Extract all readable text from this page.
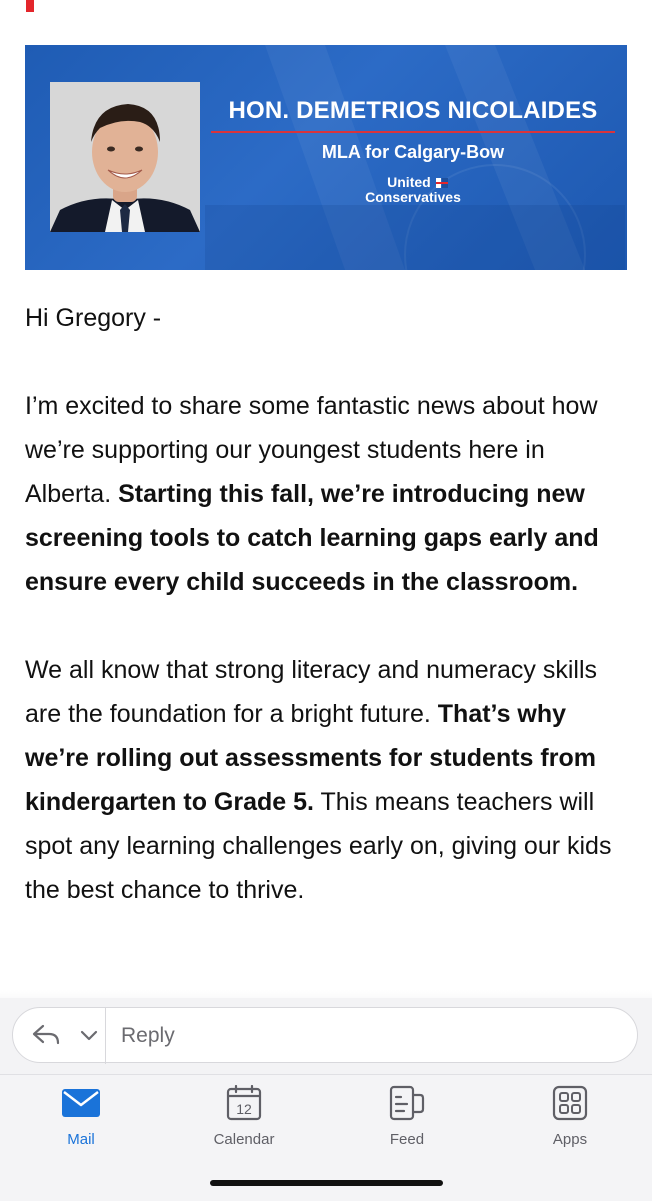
HON. DEMETRIOS NICOLAIDES
MLA for Calgary-Bow
United
Conservatives

Hi Gregory -

I’m excited to share some fantastic news about how we’re supporting our youngest students here in Alberta. Starting this fall, we’re introducing new screening tools to catch learning gaps early and ensure every child succeeds in the classroom.

We all know that strong literacy and numeracy skills are the foundation for a bright future. That’s why we’re rolling out assessments for students from kindergarten to Grade 5. This means teachers will spot any learning challenges early on, giving our kids the best chance to thrive.

Reply
Mail
12
Calendar	Feed	Apps
